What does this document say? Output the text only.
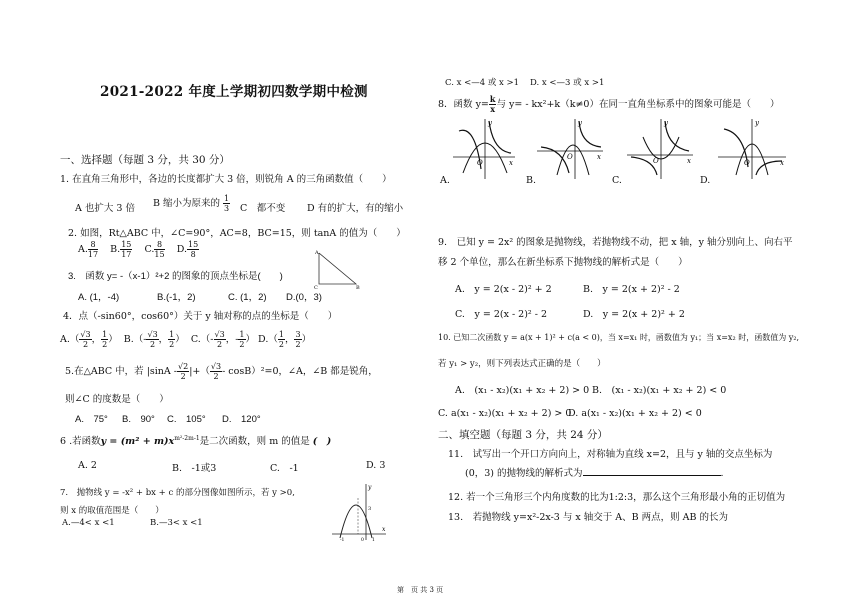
2021-2022 年度上学期初四数学期中检测
一、选择题（每题 3 分，共 30 分）
1. 在直角三角形中，各边的长度都扩大 3 倍，则锐角 A 的三角函数值（　　）
A 也扩大 3 倍 B 缩小为原来的 $\frac{1}{3}$ C　都不变 D 有的扩大，有的缩小
2. 如图，Rt△ABC 中，∠C=90°，AC=8，BC=15，则 tanA 的值为（　　）
A. $\frac{8}{17} B$. $\frac{15}{17} C$. $\frac{8}{15} D$. $\frac{15}{8}$	A
C	B
3.　函数 y= -（x-1）²+2 的图象的顶点坐标是(　　)
A. (1，-4)	B.(-1，2)	C. (1，2) D.(0，3)
4．点（-sin60°，cos60°）关于 y 轴对称的点的坐标是（　　）
$A.( \frac{√3}{2}$ ， $\frac{1}{2}$ ） $B.(- \frac{√3}{2}$ ， $\frac{1}{2}$ ） $C.(- \frac{√3}{2}$ ，- $\frac{1}{2}$ ） $D.( \frac{1}{2}$ ， $\frac{3}{2}$ ）
5.在△ABC 中，若 $|\sin A - \frac{√2}{2}$ |+（ $\frac{√3}{2} - \cos B)^2=0$，∠A，∠B 都是锐角，
则∠C 的度数是（　　）
A.　75° B.　90° C.　105° D.　120°
6 .若函数$y = (m^2 + m)x^{m^2-2m-1}$是二次函数，则 m 的值是 (　)
A. 2	B.　-1或3	C.　-1	D. 3
7.　抛物线 y = -x² + bx + c 的部分图像如图所示，若 y >0,
则 x 的取值范围是（　　）
A.—4< x <1	B.—3< x <1
y
x
3
-1	0 1
C. x <—4 或 x >1 D. x <—3 或 x >1
8．函数 $y= \frac{k}{x}$ 与 y= - kx²+k（k≠0）在同一直角坐标系中的图象可能是（　　）
y
x
O
A.
y
x
O
B.
y
x
O
C.
y
x
O
D.
9.　已知 y = 2x² 的图象是抛物线，若抛物线不动，把 x 轴，y 轴分别向上、向右平
移 2 个单位，那么在新坐标系下抛物线的解析式是（　　）
A.　y = 2(x - 2)² + 2	B.　y = 2(x + 2)² - 2
C.　y = 2(x - 2)² - 2	D.　y = 2(x + 2)² + 2
10. 已知二次函数 y = a(x + 1)² + c(a < 0)，当 x=x₁ 时，函数值为 y₁；当 x=x₂ 时，函数值为 y₂,
若 y₁ > y₂，则下列表达式正确的是（　　）
A.　(x₁ - x₂)(x₁ + x₂ + 2) > 0 B.　(x₁ - x₂)(x₁ + x₂ + 2) < 0
C. a(x₁ - x₂)(x₁ + x₂ + 2) > 0
D. a(x₁ - x₂)(x₁ + x₂ + 2) < 0
二、填空题（每题 3 分，共 24 分）
11.　试写出一个开口方向向上，对称轴为直线 x=2，且与 y 轴的交点坐标为
(0，3) 的抛物线的解析式为	.
12. 若一个三角形三个内角度数的比为1:2:3，那么这个三角形最小角的正切值为
13.　若抛物线 y=x²-2x-3 与 x 轴交于 A、B 两点，则 AB 的长为
第　页 共 3 页
